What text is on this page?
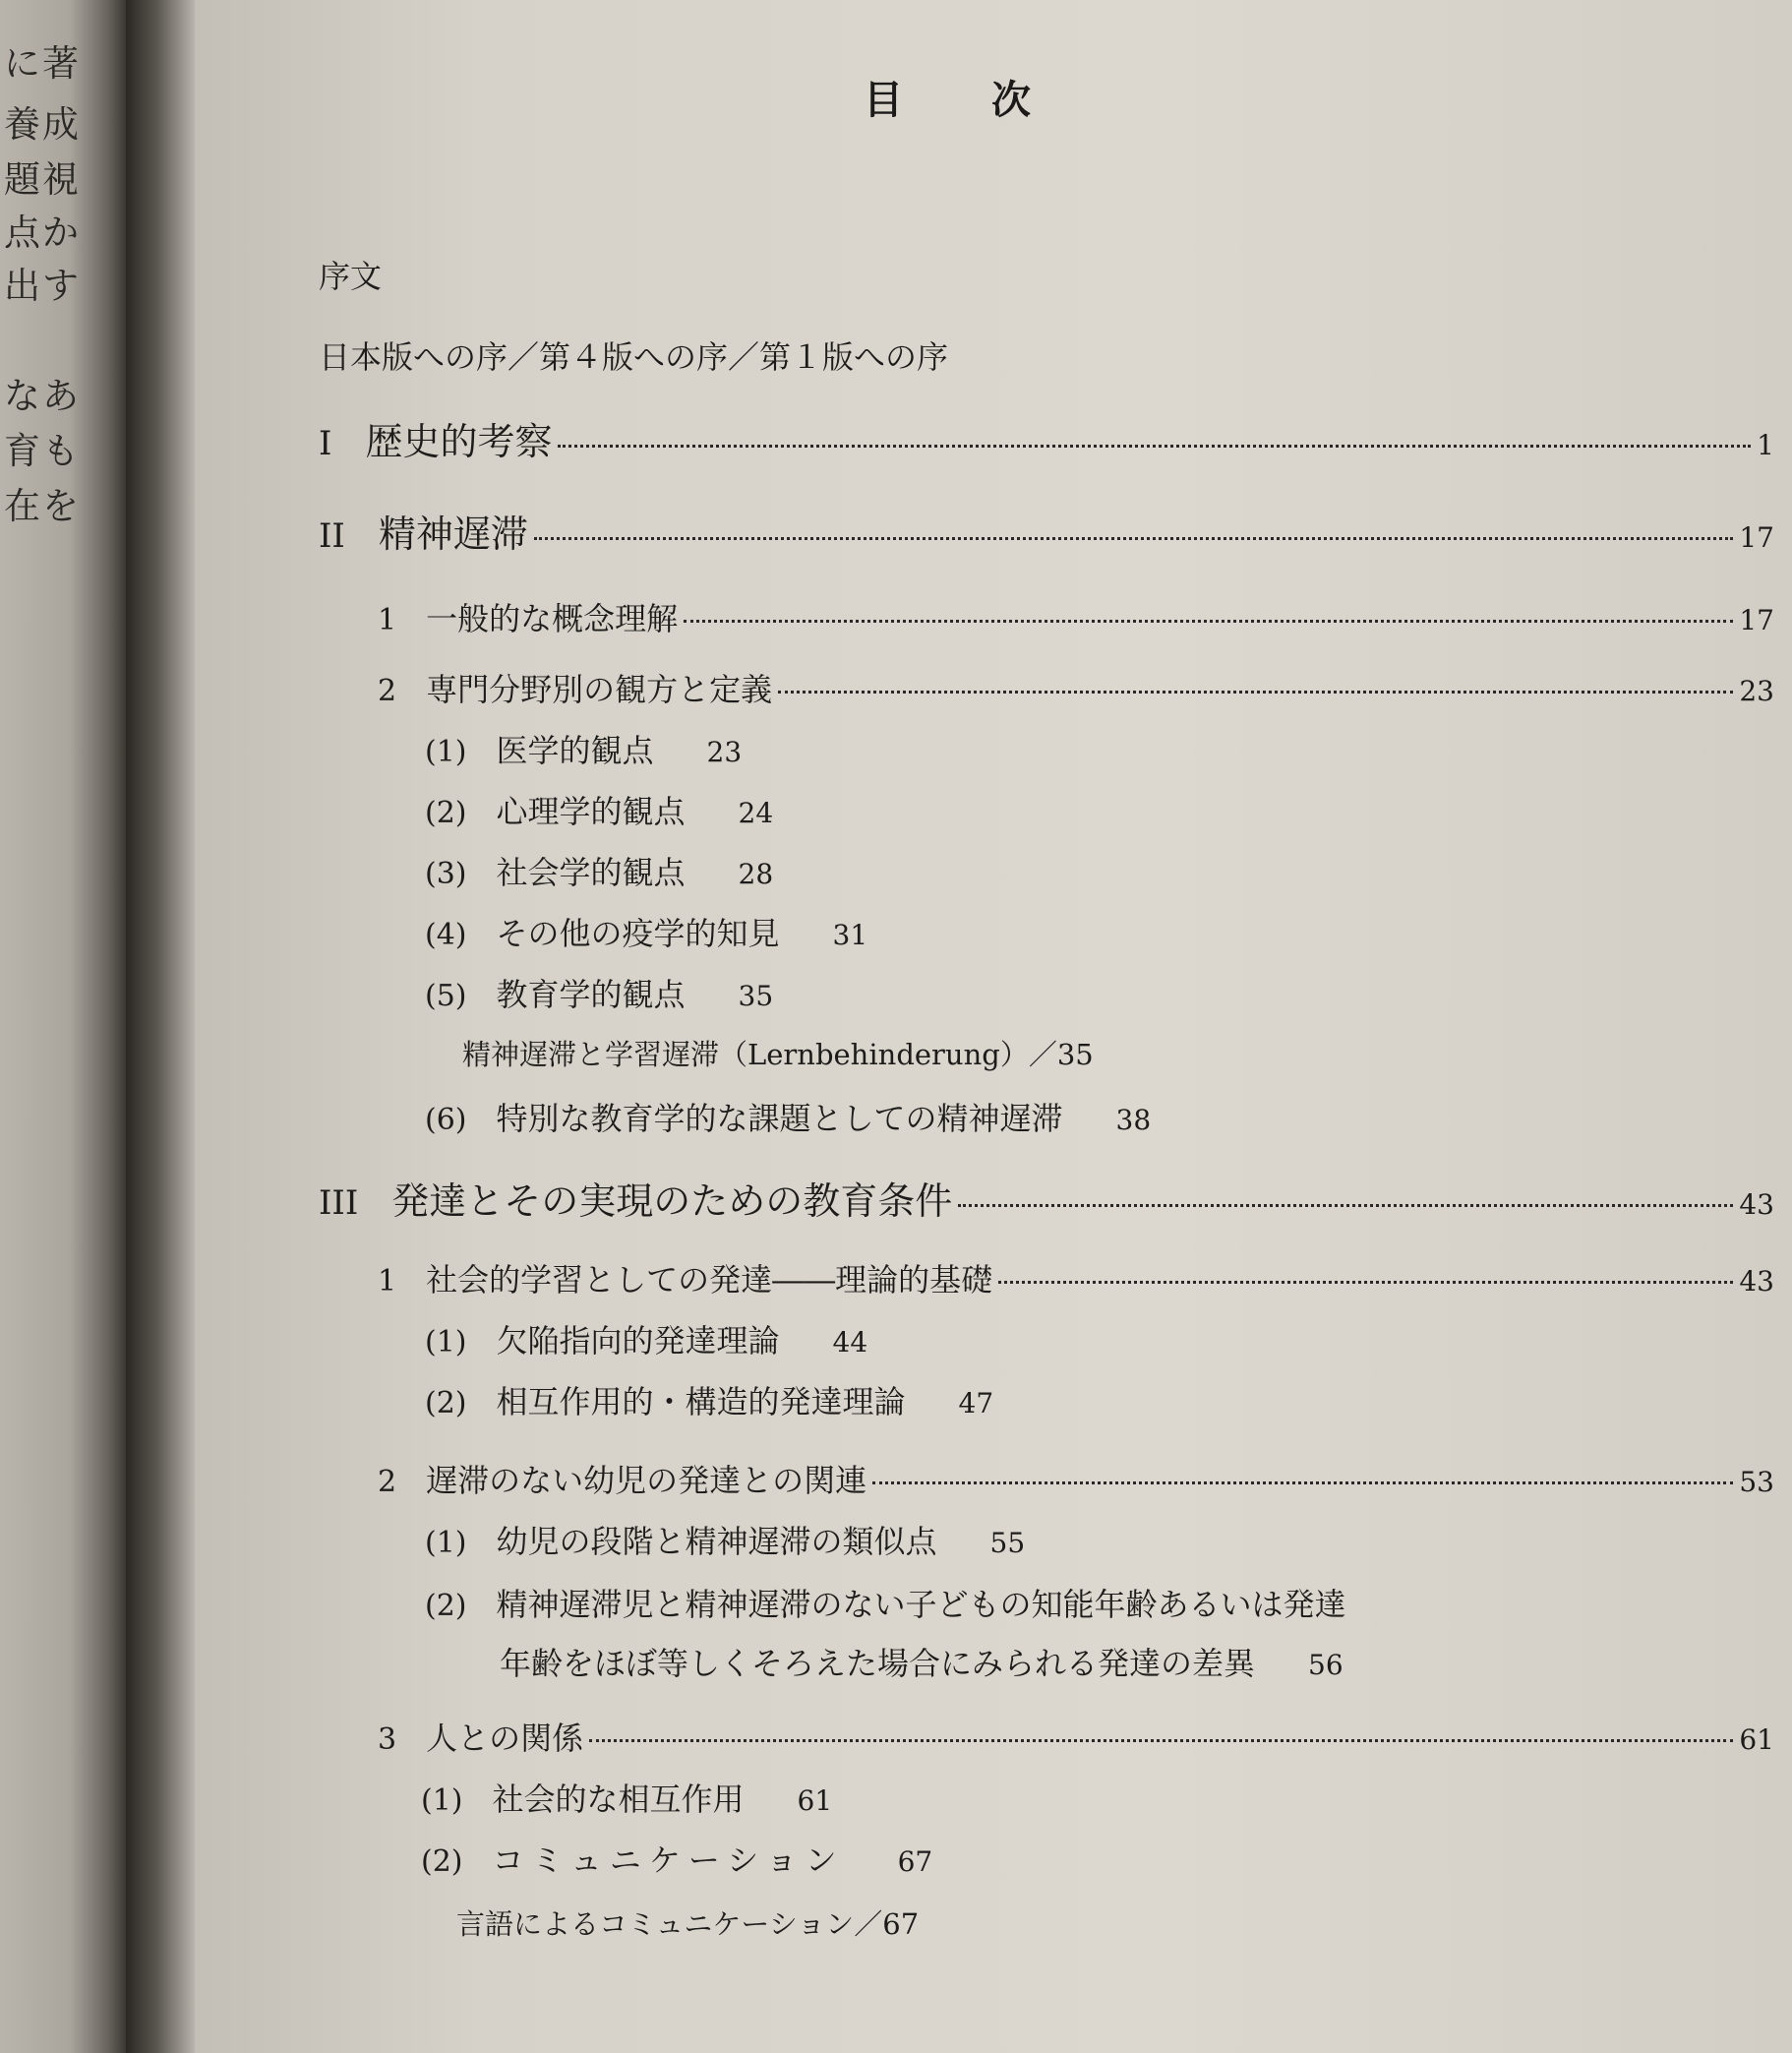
に著
養成
題視
点か
出す
なあ
育も
在を
目次
序文
日本版への序／第４版への序／第１版への序
I 歴史的考察	1
II 精神遅滞	17
1 一般的な概念理解	17
2 専門分野別の観方と定義	23
(1) 医学的観点 23
(2) 心理学的観点 24
(3) 社会学的観点 28
(4) その他の疫学的知見 31
(5) 教育学的観点 35
精神遅滞と学習遅滞（Lernbehinderung）／35
(6) 特別な教育学的な課題としての精神遅滞 38
III 発達とその実現のための教育条件	43
1 社会的学習としての発達――理論的基礎	43
(1) 欠陥指向的発達理論 44
(2) 相互作用的・構造的発達理論 47
2 遅滞のない幼児の発達との関連	53
(1) 幼児の段階と精神遅滞の類似点 55
(2) 精神遅滞児と精神遅滞のない子どもの知能年齢あるいは発達
年齢をほぼ等しくそろえた場合にみられる発達の差異 56
3 人との関係	61
(1) 社会的な相互作用 61
(2) コミュニケーション 67
言語によるコミュニケーション／67
